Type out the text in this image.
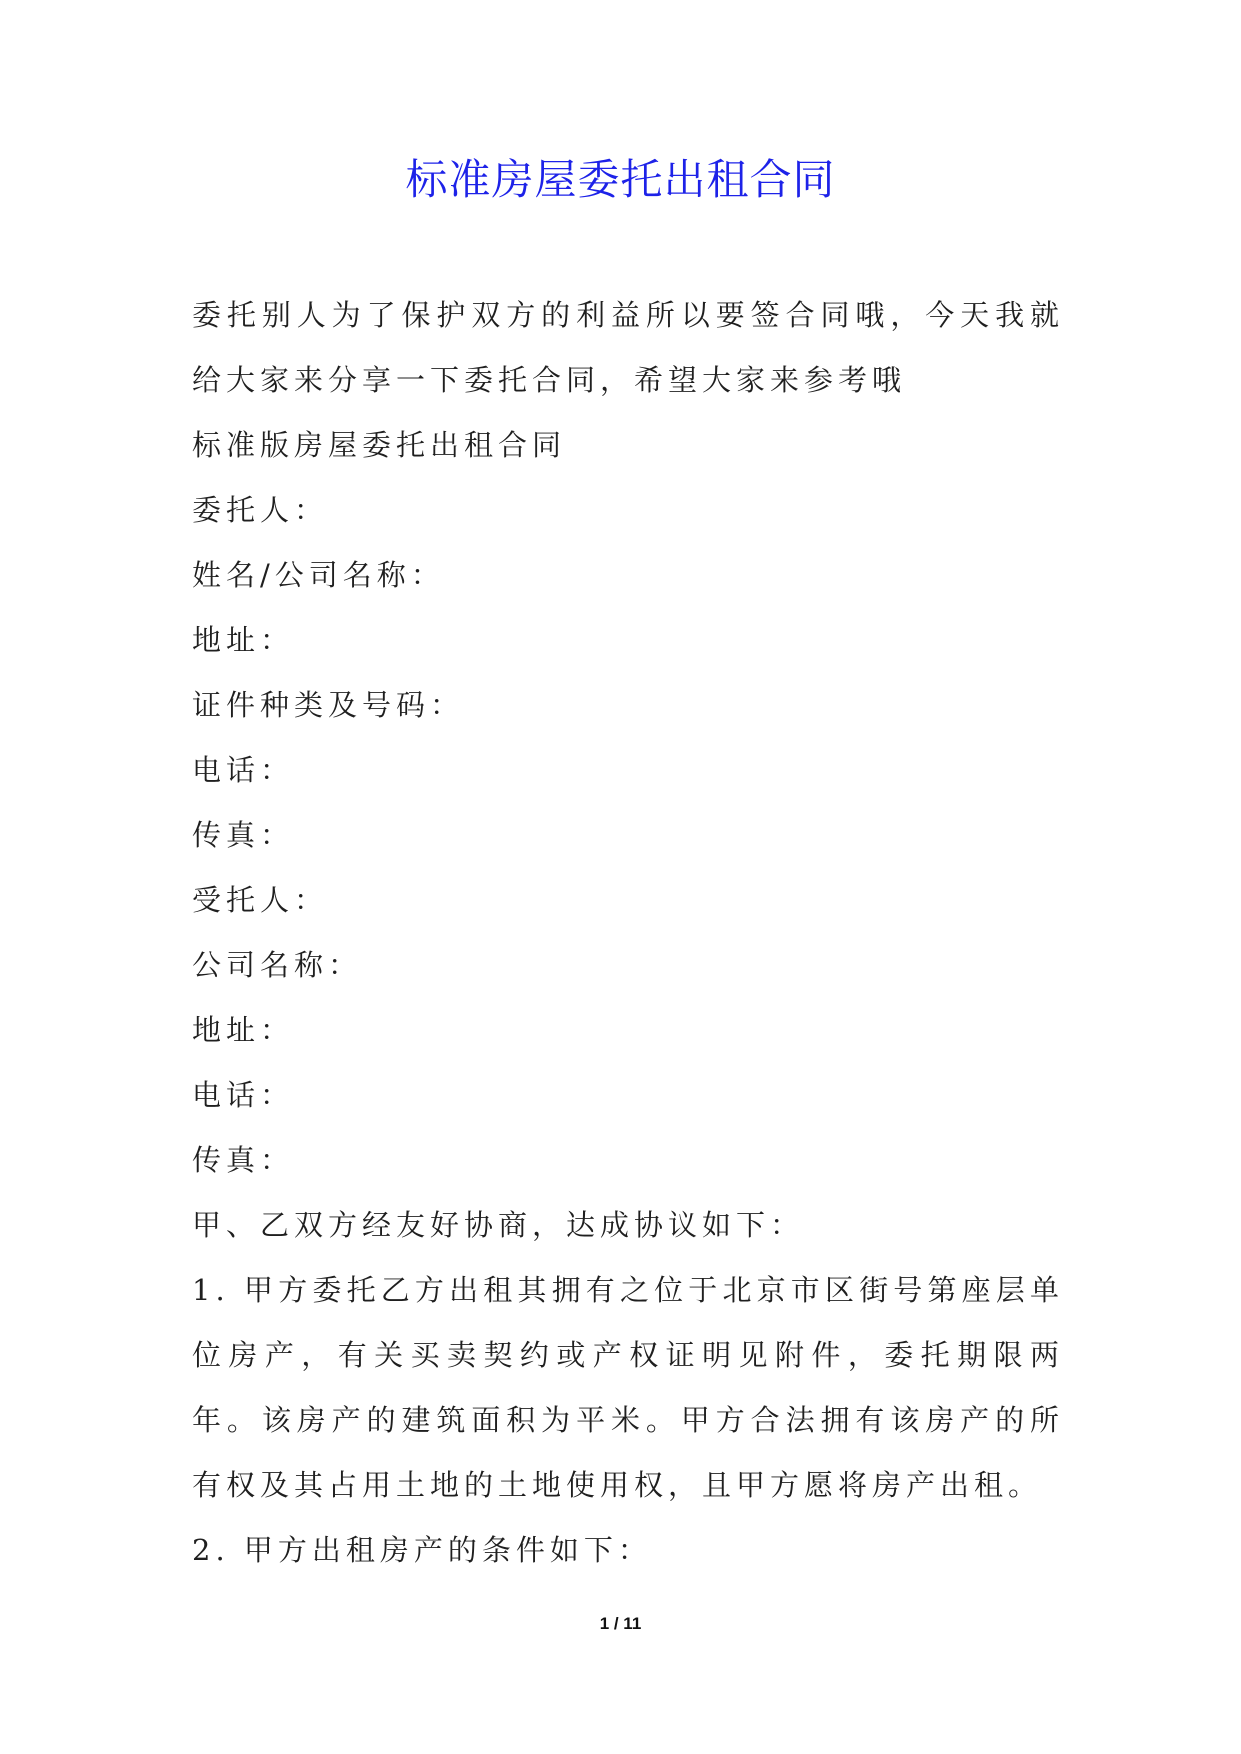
标准房屋委托出租合同

委托别人为了保护双方的利益所以要签合同哦，今天我就给大家来分享一下委托合同，希望大家来参考哦

标准版房屋委托出租合同

委托人：

姓名/公司名称：

地址：

证件种类及号码：

电话：

传真：

受托人：

公司名称：

地址：

电话：

传真：

甲、乙双方经友好协商，达成协议如下：

1. 甲方委托乙方出租其拥有之位于北京市区街号第座层单位房产，有关买卖契约或产权证明见附件，委托期限两年。该房产的建筑面积为平米。甲方合法拥有该房产的所有权及其占用土地的土地使用权，且甲方愿将房产出租。

2. 甲方出租房产的条件如下：

1 / 11
